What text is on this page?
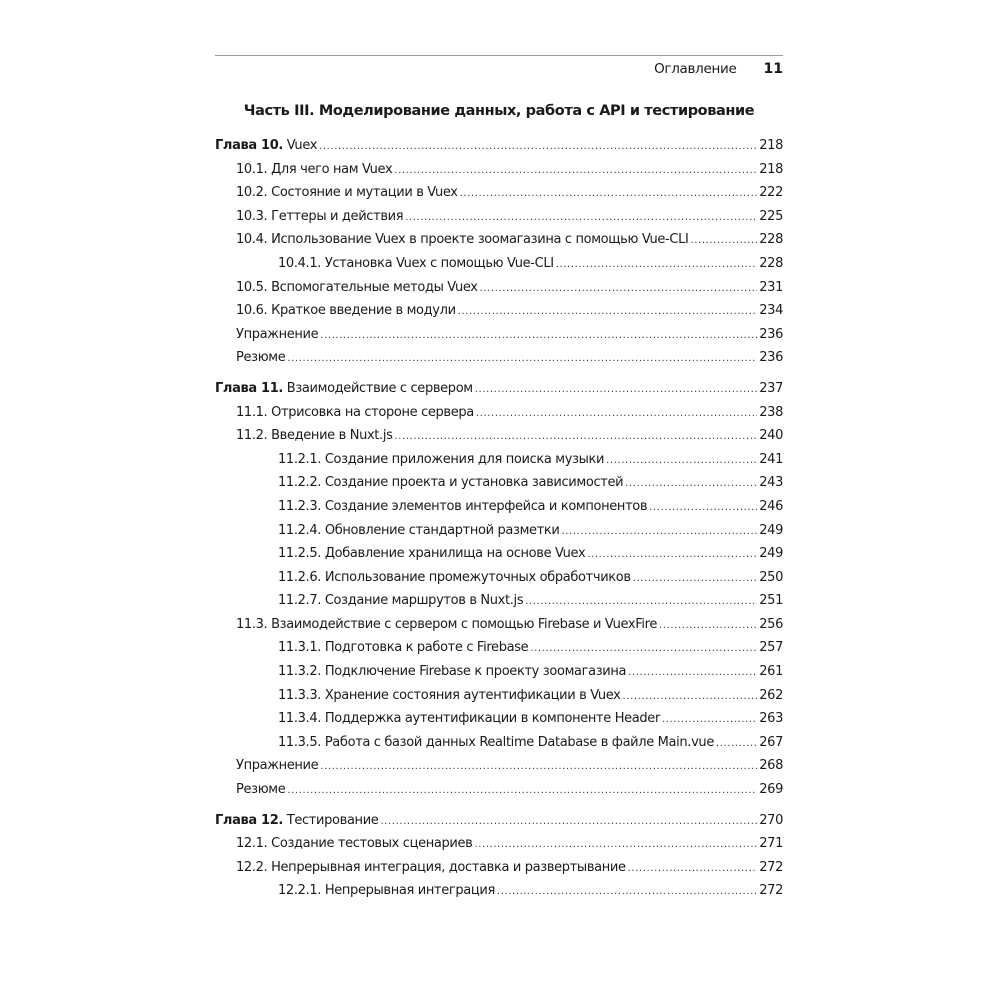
Оглавление 11
Часть III. Моделирование данных, работа с API и тестирование
Глава 10. Vuex .....	218
10.1. Для чего нам Vuex .....	218
10.2. Состояние и мутации в Vuex .....	222
10.3. Геттеры и действия .....	225
10.4. Использование Vuex в проекте зоомагазина с помощью Vue-CLI .....	228
10.4.1. Установка Vuex с помощью Vue-CLI .....	228
10.5. Вспомогательные методы Vuex .....	231
10.6. Краткое введение в модули .....	234
Упражнение .....	236
Резюме .....	236
Глава 11. Взаимодействие с сервером .....	237
11.1. Отрисовка на стороне сервера .....	238
11.2. Введение в Nuxt.js .....	240
11.2.1. Создание приложения для поиска музыки .....	241
11.2.2. Создание проекта и установка зависимостей .....	243
11.2.3. Создание элементов интерфейса и компонентов .....	246
11.2.4. Обновление стандартной разметки .....	249
11.2.5. Добавление хранилища на основе Vuex .....	249
11.2.6. Использование промежуточных обработчиков .....	250
11.2.7. Создание маршрутов в Nuxt.js .....	251
11.3. Взаимодействие с сервером с помощью Firebase и VuexFire .....	256
11.3.1. Подготовка к работе с Firebase .....	257
11.3.2. Подключение Firebase к проекту зоомагазина .....	261
11.3.3. Хранение состояния аутентификации в Vuex .....	262
11.3.4. Поддержка аутентификации в компоненте Header .....	263
11.3.5. Работа с базой данных Realtime Database в файле Main.vue .....	267
Упражнение .....	268
Резюме .....	269
Глава 12. Тестирование .....	270
12.1. Создание тестовых сценариев .....	271
12.2. Непрерывная интеграция, доставка и развертывание .....	272
12.2.1. Непрерывная интеграция .....	272
